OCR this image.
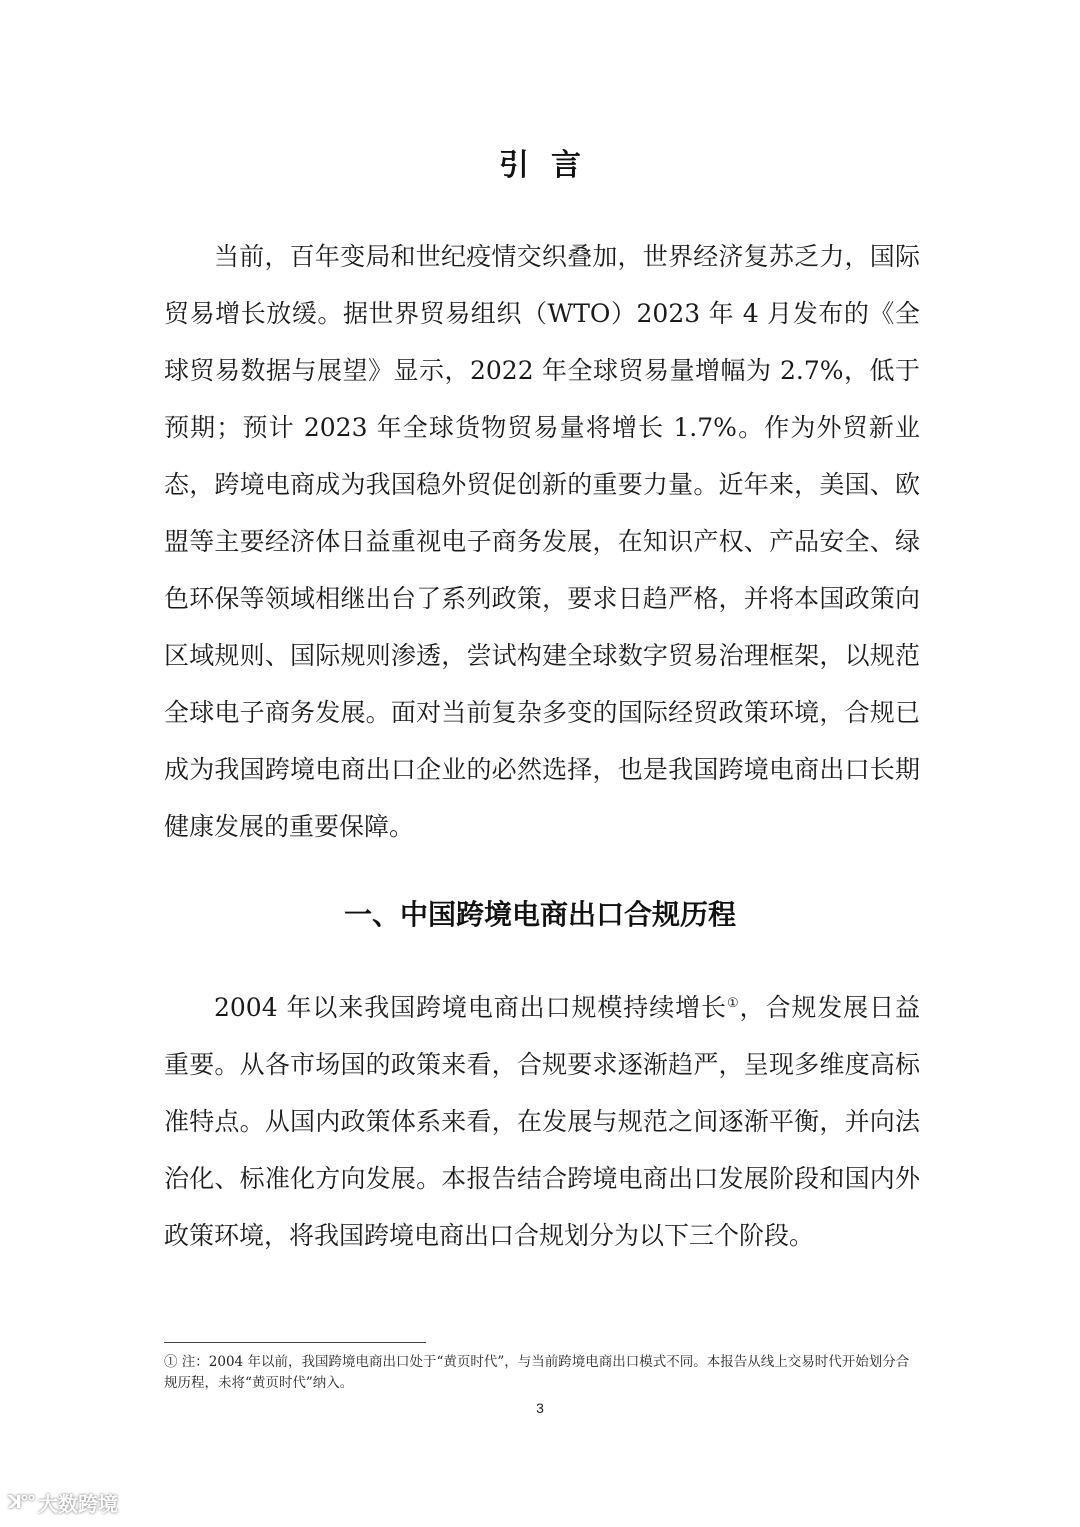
引言

当前，百年变局和世纪疫情交织叠加，世界经济复苏乏力，国际贸易增长放缓。据世界贸易组织（WTO）2023 年 4 月发布的《全球贸易数据与展望》显示，2022 年全球贸易量增幅为 2.7%，低于预期；预计 2023 年全球货物贸易量将增长 1.7%。作为外贸新业态，跨境电商成为我国稳外贸促创新的重要力量。近年来，美国、欧盟等主要经济体日益重视电子商务发展，在知识产权、产品安全、绿色环保等领域相继出台了系列政策，要求日趋严格，并将本国政策向区域规则、国际规则渗透，尝试构建全球数字贸易治理框架，以规范全球电子商务发展。面对当前复杂多变的国际经贸政策环境，合规已成为我国跨境电商出口企业的必然选择，也是我国跨境电商出口长期健康发展的重要保障。

一、中国跨境电商出口合规历程

2004 年以来我国跨境电商出口规模持续增长①，合规发展日益重要。从各市场国的政策来看，合规要求逐渐趋严，呈现多维度高标准特点。从国内政策体系来看，在发展与规范之间逐渐平衡，并向法治化、标准化方向发展。本报告结合跨境电商出口发展阶段和国内外政策环境，将我国跨境电商出口合规划分为以下三个阶段。

① 注：2004 年以前，我国跨境电商出口处于“黄页时代”，与当前跨境电商出口模式不同。本报告从线上交易时代开始划分合规历程，未将“黄页时代”纳入。

3
ꓘ°° 大数跨境
